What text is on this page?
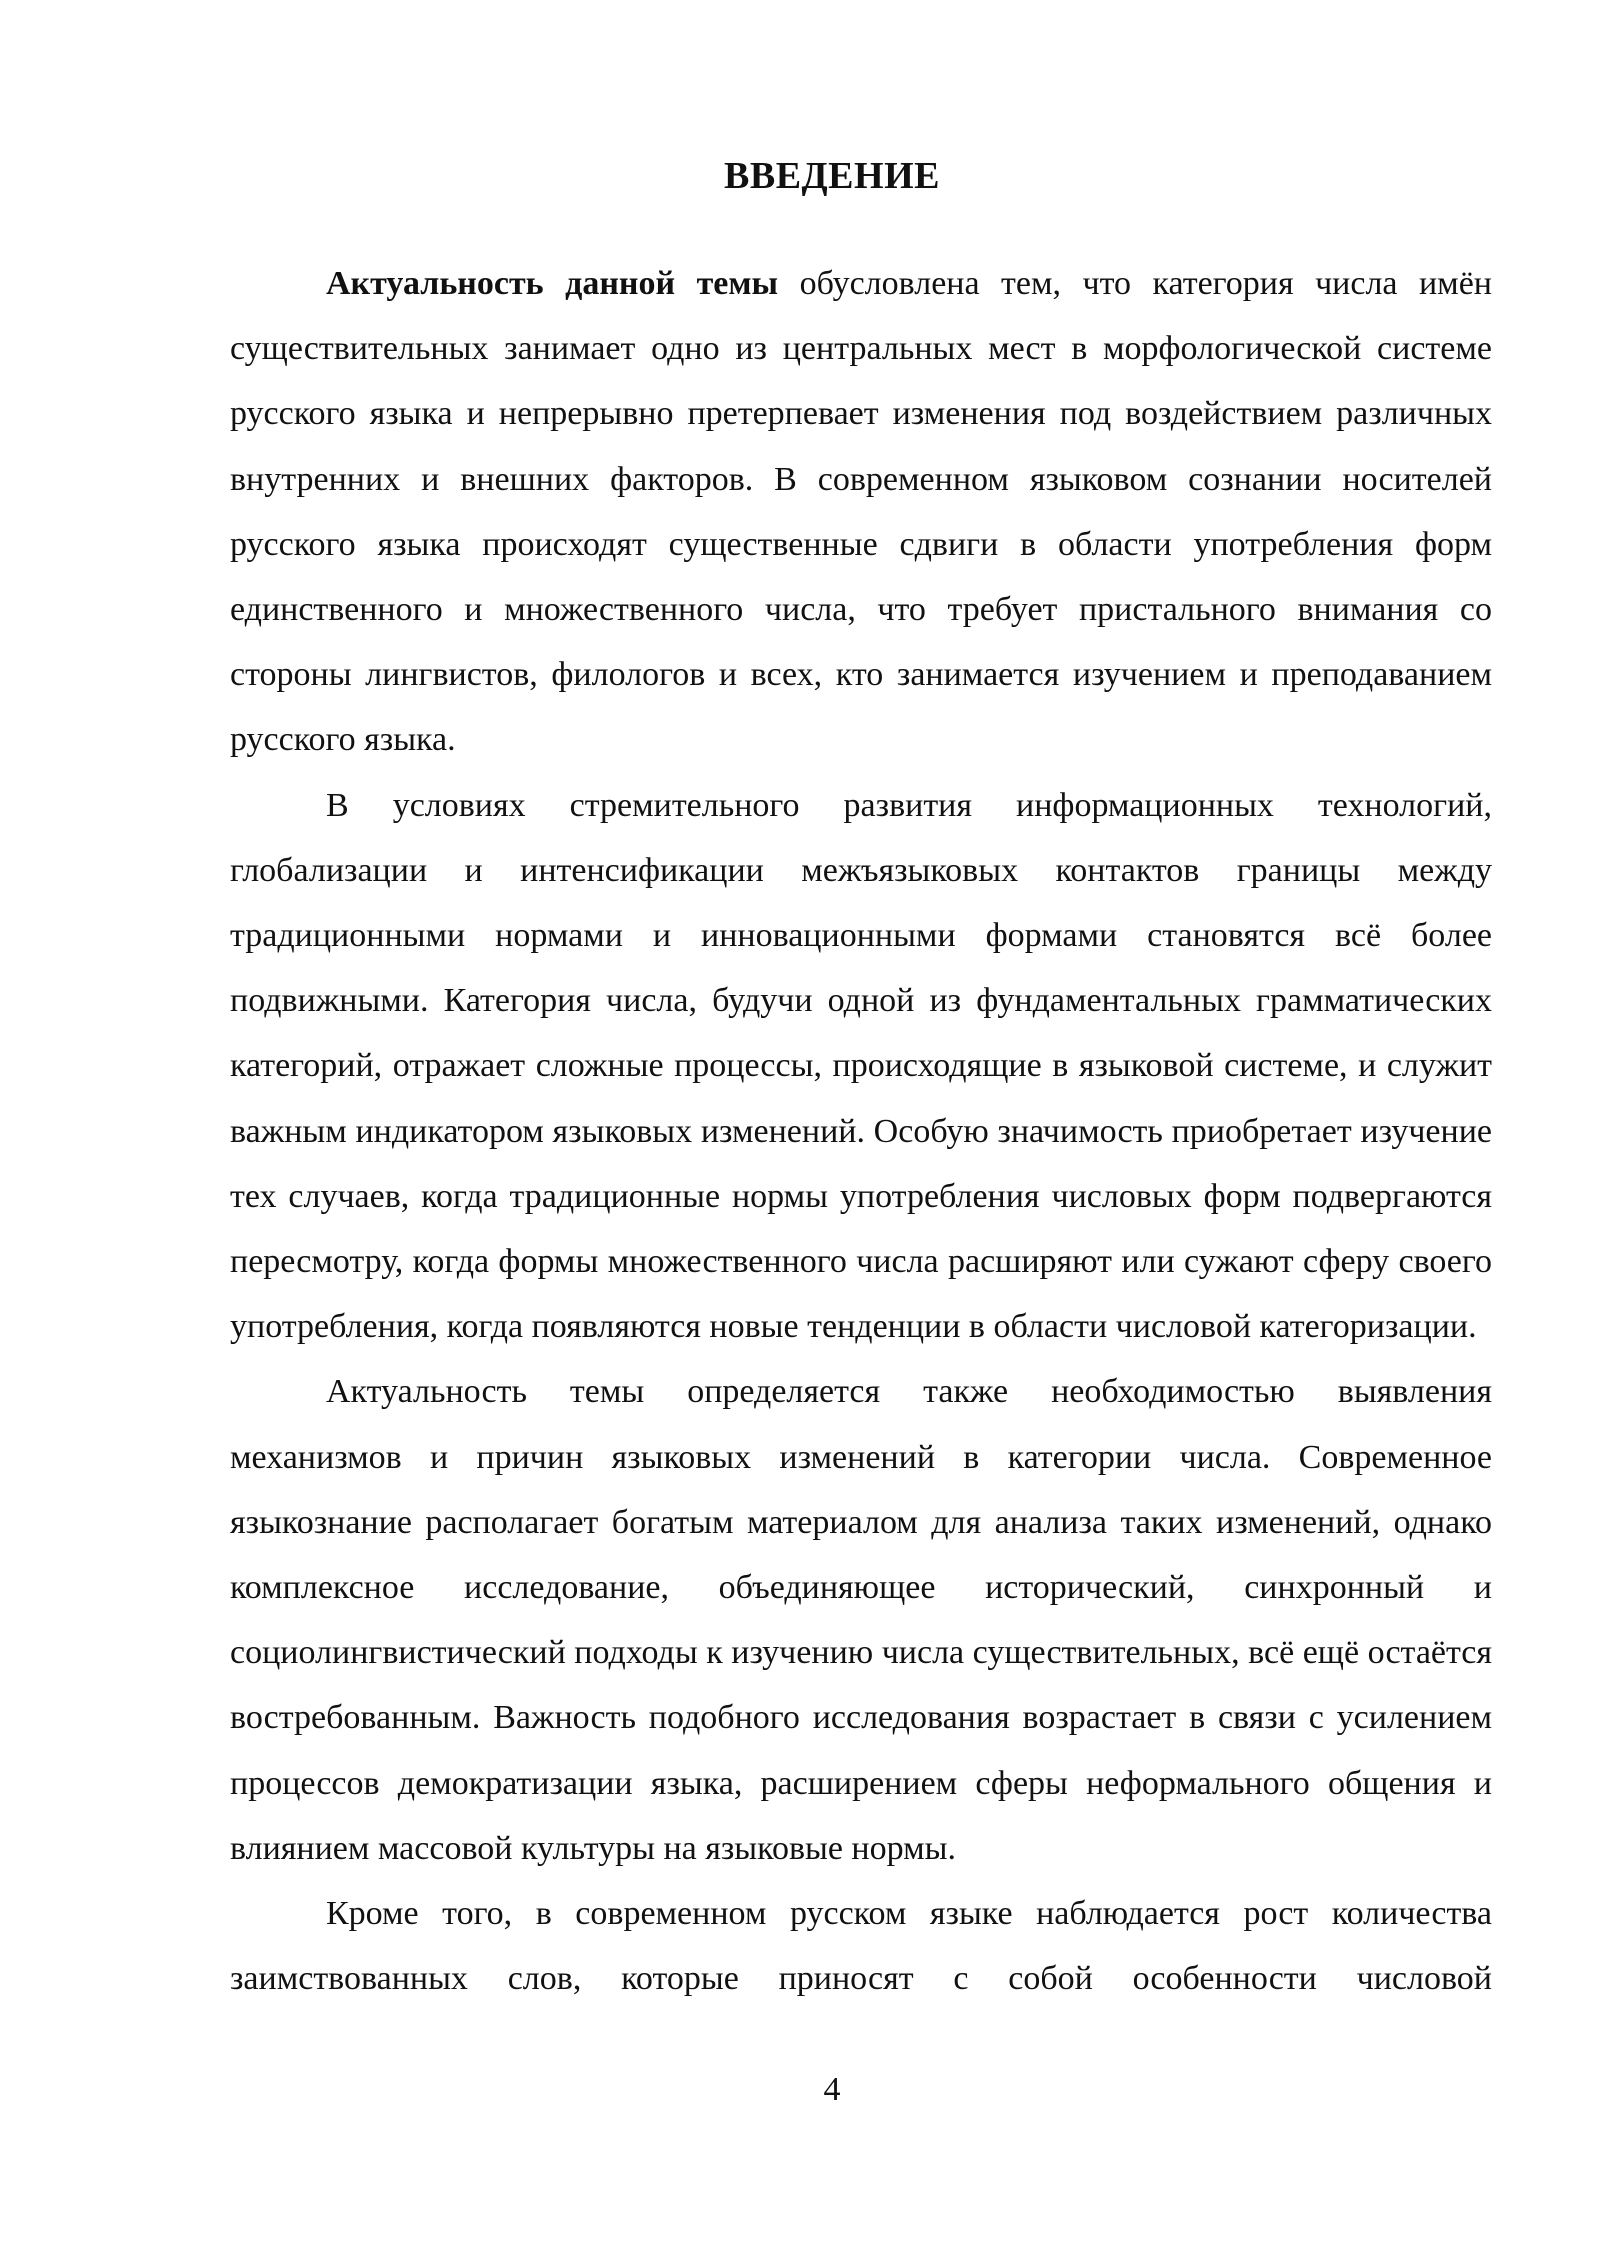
ВВЕДЕНИЕ

Актуальность данной темы обусловлена тем, что категория числа имён существительных занимает одно из центральных мест в морфологической системе русского языка и непрерывно претерпевает изменения под воздействием различных внутренних и внешних факторов. В современном языковом сознании носителей русского языка происходят существенные сдвиги в области употребления форм единственного и множественного числа, что требует пристального внимания со стороны лингвистов, филологов и всех, кто занимается изучением и преподаванием русского языка.

В условиях стремительного развития информационных технологий, глобализации и интенсификации межъязыковых контактов границы между традиционными нормами и инновационными формами становятся всё более подвижными. Категория числа, будучи одной из фундаментальных грамматических категорий, отражает сложные процессы, происходящие в языковой системе, и служит важным индикатором языковых изменений. Особую значимость приобретает изучение тех случаев, когда традиционные нормы употребления числовых форм подвергаются пересмотру, когда формы множественного числа расширяют или сужают сферу своего употребления, когда появляются новые тенденции в области числовой категоризации.

Актуальность темы определяется также необходимостью выявления механизмов и причин языковых изменений в категории числа. Современное языкознание располагает богатым материалом для анализа таких изменений, однако комплексное исследование, объединяющее исторический, синхронный и социолингвистический подходы к изучению числа существительных, всё ещё остаётся востребованным. Важность подобного исследования возрастает в связи с усилением процессов демократизации языка, расширением сферы неформального общения и влиянием массовой культуры на языковые нормы.

Кроме того, в современном русском языке наблюдается рост количества заимствованных слов, которые приносят с собой особенности числовой

4
